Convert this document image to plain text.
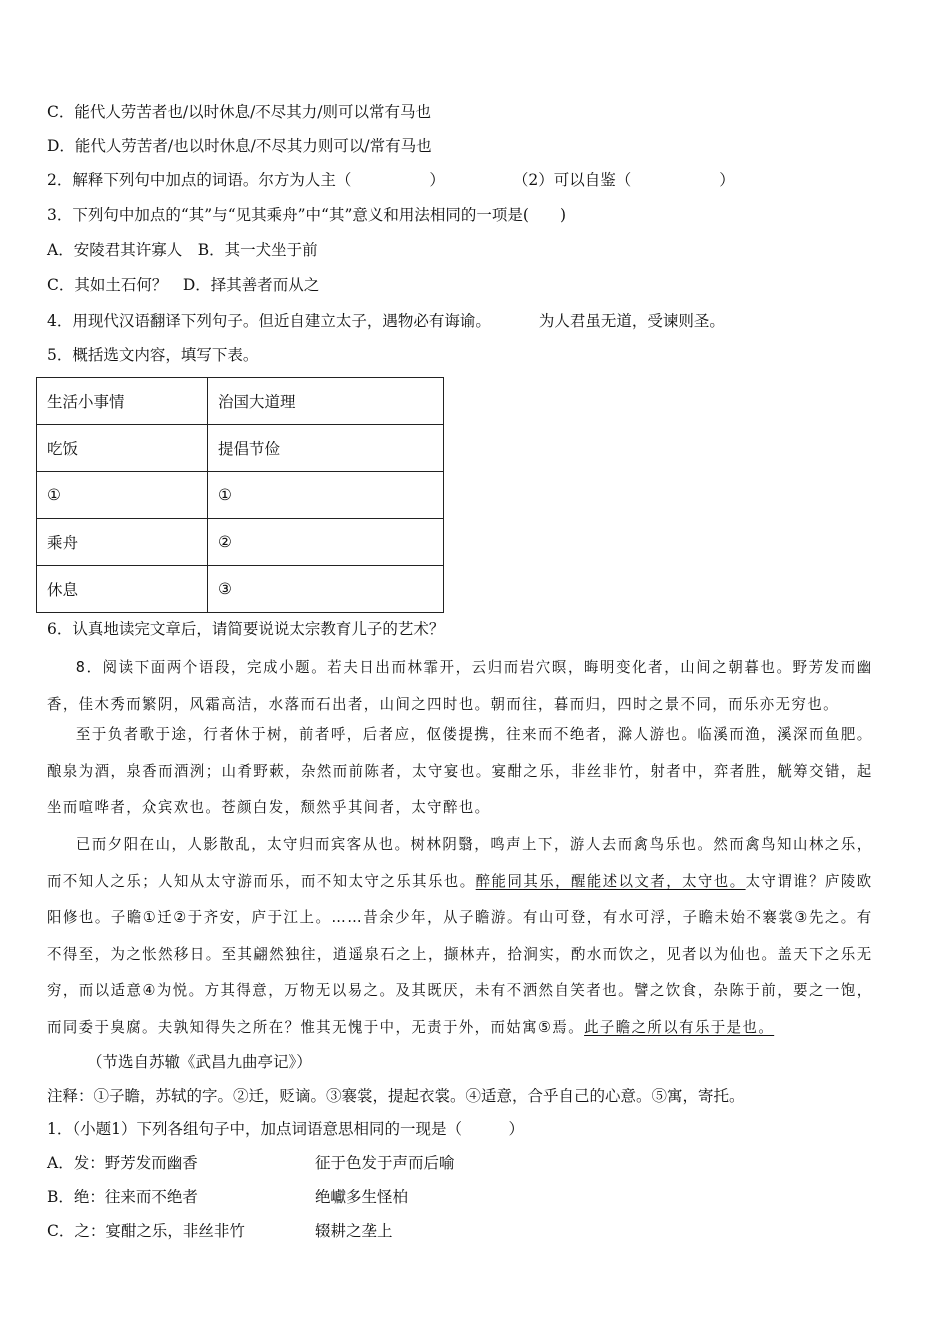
C．能代人劳苦者也/以时休息/不尽其力/则可以常有马也
D．能代人劳苦者/也以时休息/不尽其力则可以/常有马也
2．解释下列句中加点的词语。尔方为人主（	）	（2）可以自鉴（	）
3．下列句中加点的“其”与“见其乘舟”中“其”意义和用法相同的一项是(　　)
A．安陵君其许寡人　B．其一犬坐于前
C．其如土石何？　D．择其善者而从之
4．用现代汉语翻译下列句子。但近自建立太子，遇物必有诲谕。	为人君虽无道，受谏则圣。
5．概括选文内容，填写下表。
生活小事情	治国大道理
吃饭	提倡节俭
①	①
乘舟	②
休息	③
6．认真地读完文章后，请简要说说太宗教育儿子的艺术？
8．阅读下面两个语段，完成小题。若夫日出而林霏开，云归而岩穴暝，晦明变化者，山间之朝暮也。野芳发而幽香，佳木秀而繁阴，风霜高洁，水落而石出者，山间之四时也。朝而往，暮而归，四时之景不同，而乐亦无穷也。
至于负者歌于途，行者休于树，前者呼，后者应，伛偻提携，往来而不绝者，滁人游也。临溪而渔，溪深而鱼肥。酿泉为酒，泉香而酒洌；山肴野蔌，杂然而前陈者，太守宴也。宴酣之乐，非丝非竹，射者中，弈者胜，觥筹交错，起坐而喧哗者，众宾欢也。苍颜白发，颓然乎其间者，太守醉也。
已而夕阳在山，人影散乱，太守归而宾客从也。树林阴翳，鸣声上下，游人去而禽鸟乐也。然而禽鸟知山林之乐，而不知人之乐；人知从太守游而乐，而不知太守之乐其乐也。醉能同其乐，醒能述以文者，太守也。太守谓谁？庐陵欧阳修也。子瞻①迁②于齐安，庐于江上。……昔余少年，从子瞻游。有山可登，有水可浮，子瞻未始不褰裳③先之。有不得至，为之怅然移日。至其翩然独往，逍遥泉石之上，撷林卉，拾涧实，酌水而饮之，见者以为仙也。盖天下之乐无穷，而以适意④为悦。方其得意，万物无以易之。及其既厌，未有不洒然自笑者也。譬之饮食，杂陈于前，要之一饱，而同委于臭腐。夫孰知得失之所在？惟其无愧于中，无责于外，而姑寓⑤焉。此子瞻之所以有乐于是也。
（节选自苏辙《武昌九曲亭记》）
注释：①子瞻，苏轼的字。②迁，贬谪。③褰裳，提起衣裳。④适意，合乎自己的心意。⑤寓，寄托。
1．（小题1）下列各组句子中，加点词语意思相同的一现是（　　　）
A．发：野芳发而幽香	征于色发于声而后喻
B．绝：往来而不绝者	绝巘多生怪柏
C．之：宴酣之乐，非丝非竹	辍耕之垄上
